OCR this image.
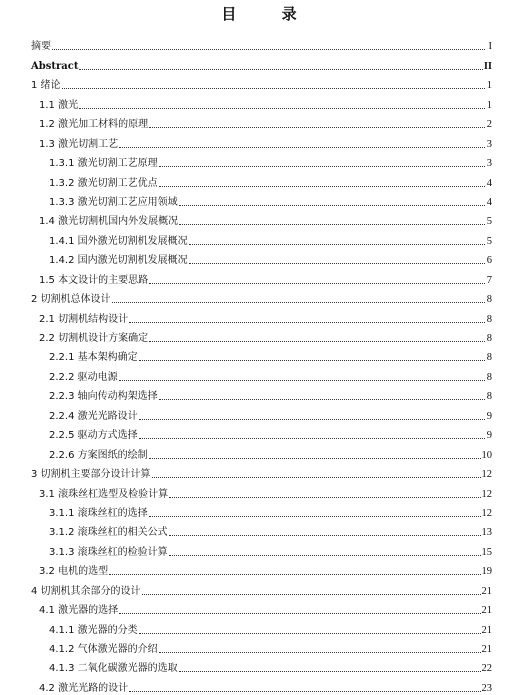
目 录
摘要	I
Abstract	II
1 绪论	1
1.1 激光	1
1.2 激光加工材料的原理	2
1.3 激光切割工艺	3
1.3.1 激光切割工艺原理	3
1.3.2 激光切割工艺优点	4
1.3.3 激光切割工艺应用领域	4
1.4 激光切割机国内外发展概况	5
1.4.1 国外激光切割机发展概况	5
1.4.2 国内激光切割机发展概况	6
1.5 本文设计的主要思路	7
2 切割机总体设计	8
2.1 切割机结构设计	8
2.2 切割机设计方案确定	8
2.2.1 基本架构确定	8
2.2.2 驱动电源	8
2.2.3 轴向传动构架选择	8
2.2.4 激光光路设计	9
2.2.5 驱动方式选择	9
2.2.6 方案图纸的绘制	10
3 切割机主要部分设计计算	12
3.1 滚珠丝杠选型及检验计算	12
3.1.1 滚珠丝杠的选择	12
3.1.2 滚珠丝杠的相关公式	13
3.1.3 滚珠丝杠的检验计算	15
3.2 电机的选型	19
4 切割机其余部分的设计	21
4.1 激光器的选择	21
4.1.1 激光器的分类	21
4.1.2 气体激光器的介绍	21
4.1.3 二氧化碳激光器的选取	22
4.2 激光光路的设计	23
